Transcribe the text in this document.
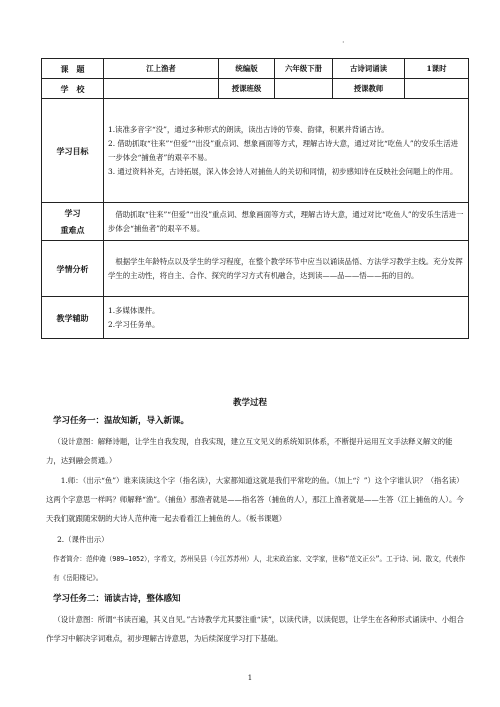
·
课　题	江上渔者	统编版	六年级下册	古诗词诵读	1课时
学　校		授课班级		授课教师	
学习目标	1.读准多音字“没”，通过多种形式的朗读，读出古诗的节奏、韵律，积累并背诵古诗。

2. 借助抓取“往来”“但爱”“出没”重点词、想象画面等方式，理解古诗大意，通过对比“吃鱼人”的安乐生活进一步体会“捕鱼者”的艰辛不易。

3. 通过资料补充，古诗拓展，深入体会诗人对捕鱼人的关切和同情，初步感知诗在反映社会问题上的作用。				

学习
重难点	借助抓取“往来”“但爱”“出没”重点词、想象画面等方式，理解古诗大意，通过对比“吃鱼人”的安乐生活进一步体会“捕鱼者”的艰辛不易。				

学情分析	根据学生年龄特点以及学生的学习程度，在整个教学环节中应当以诵读品悟、方法学习教学主线。充分发挥学生的主动性，将自主、合作、探究的学习方式有机融合，达到读——品——悟——拓的目的。				

教学辅助	1.多媒体课件。

2.学习任务单。				

教学过程
学习任务一：温故知新，导入新课。
（设计意图：解释诗题，让学生自我发现，自我实现，建立互文见义的系统知识体系，不断提升运用互文手法释义解文的能力，达到融会贯通。）
1.师：（出示“鱼”）谁来读读这个字（指名读），大家都知道这就是我们平常吃的鱼。（加上“氵”）这个字谁认识？（指名读）这两个字意思一样吗？师解释“渔”。（捕鱼）那渔者就是——指名答（捕鱼的人），那江上渔者就是——生答（江上捕鱼的人）。今天我们就跟随宋朝的大诗人范仲淹一起去看看江上捕鱼的人。（板书课题）
2.（课件出示）
作者简介：范仲淹（989—1052），字希文，苏州吴县（今江苏苏州）人，北宋政治家、文学家，世称“范文正公”。工于诗、词、散文，代表作有《岳阳楼记》。
学习任务二：诵读古诗，整体感知
（设计意图：所谓“书读百遍，其义自见。”古诗教学尤其要注重“读”，以读代讲，以读促思，让学生在各种形式诵读中、小组合作学习中解决字词难点，初步理解古诗意思，为后续深度学习打下基础。
1
